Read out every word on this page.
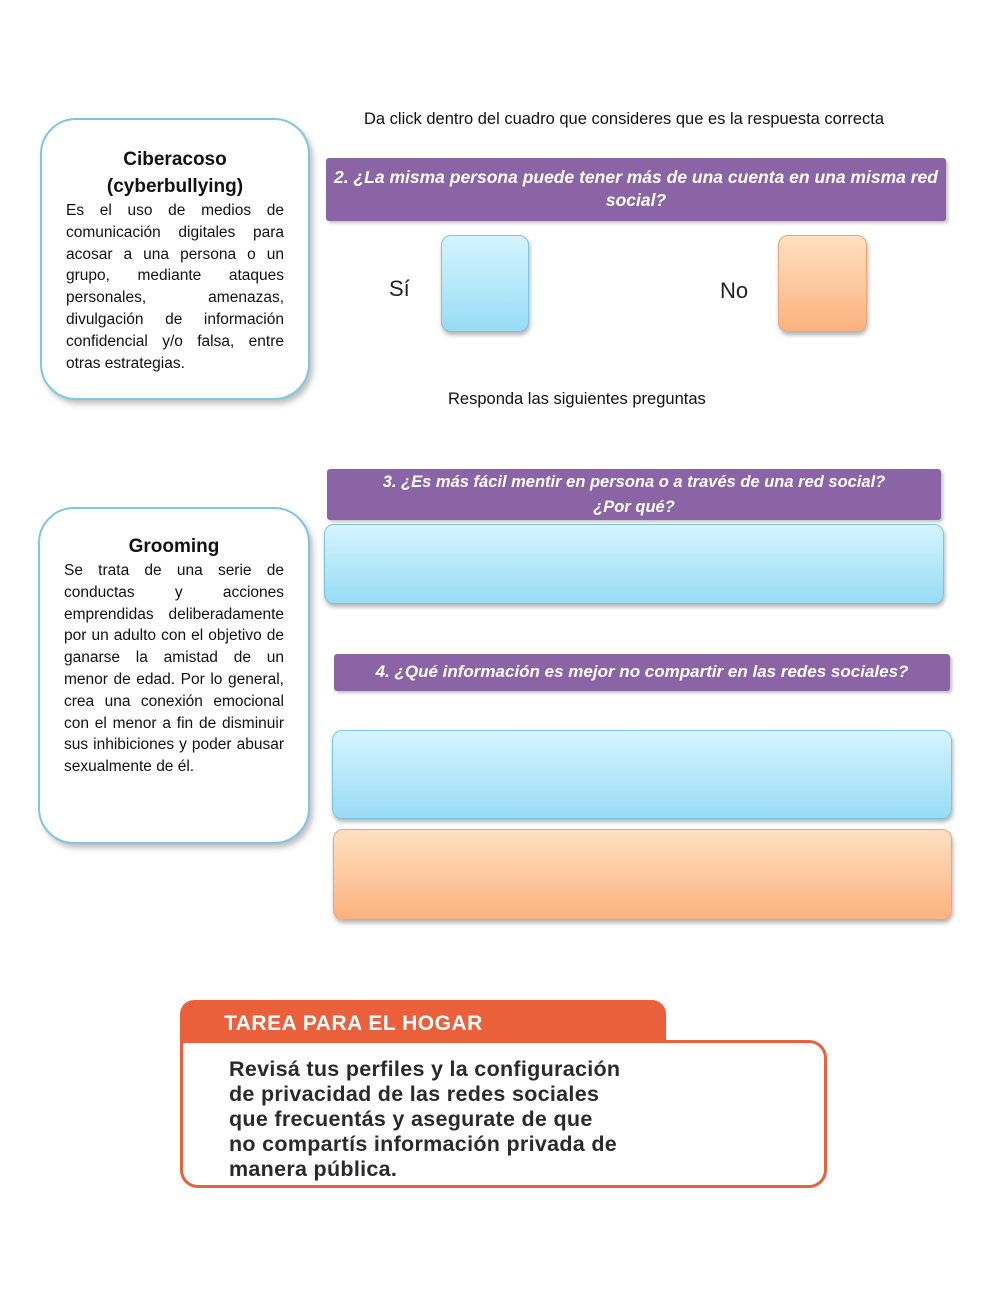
Ciberacoso
(cyberbullying)
Es el uso de medios de comunicación digitales para acosar a una persona o un grupo, mediante ataques personales, amenazas, divulgación de información confidencial y/o falsa, entre otras estrategias.
Grooming
Se trata de una serie de conductas y acciones emprendidas deliberadamente por un adulto con el objetivo de ganarse la amistad de un menor de edad. Por lo general, crea una conexión emocional con el menor a fin de disminuir sus inhibiciones y poder abusar sexualmente de él.
Da click dentro del cuadro que consideres que es la respuesta correcta
2. ¿La misma persona puede tener más de una cuenta en una misma red social?
Sí	No
Responda las siguientes preguntas
3. ¿Es más fácil mentir en persona o a través de una red social?
¿Por qué?
4. ¿Qué información es mejor no compartir en las redes sociales?
TAREA PARA EL HOGAR
Revisá tus perfiles y la configuración
de privacidad de las redes sociales
que frecuentás y asegurate de que
no compartís información privada de
manera pública.
